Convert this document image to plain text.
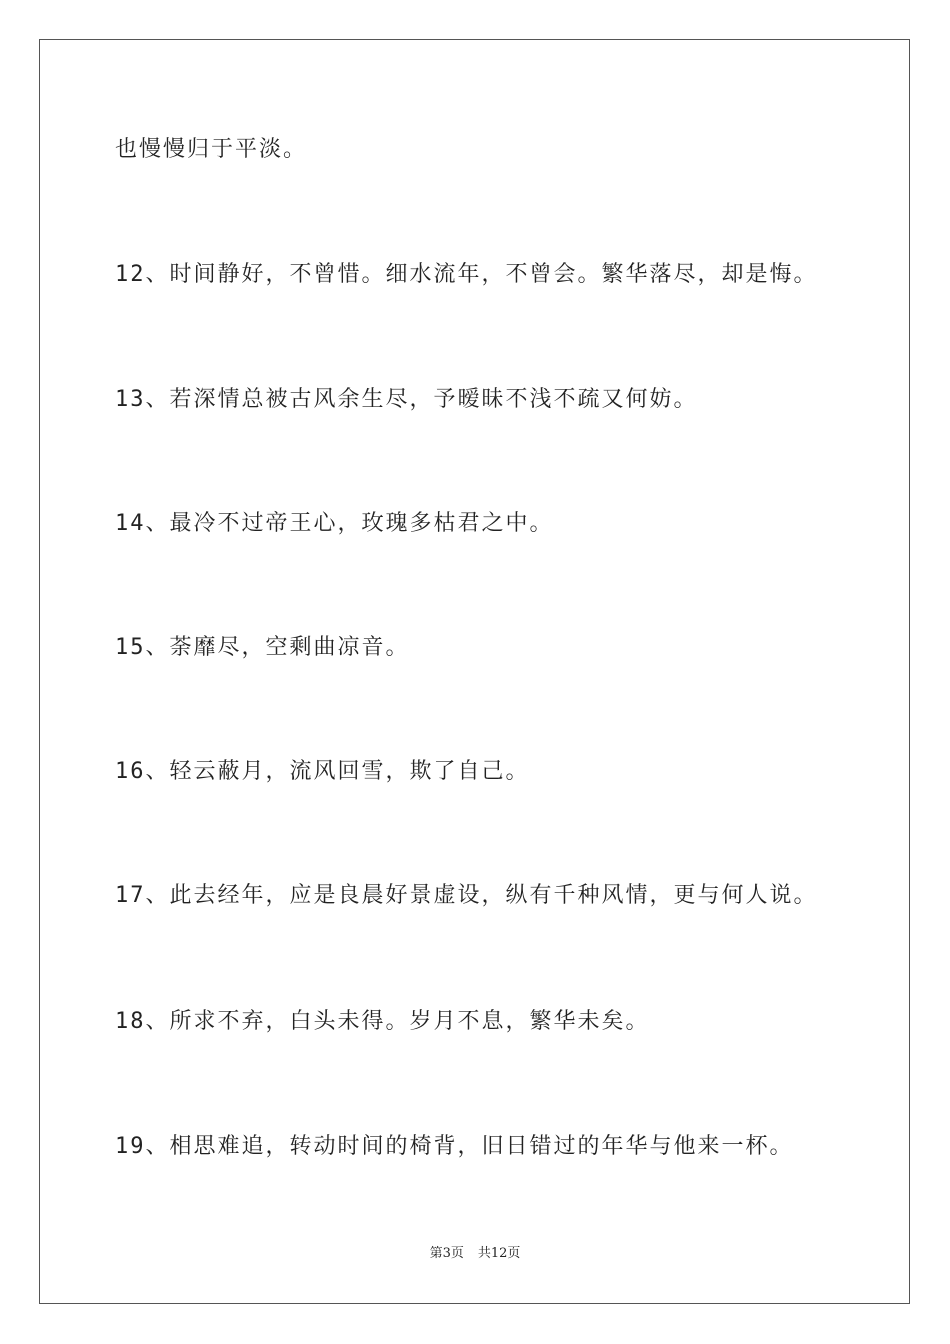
也慢慢归于平淡。
12、时间静好，不曾惜。细水流年，不曾会。繁华落尽，却是悔。
13、若深情总被古风余生尽，予暧昧不浅不疏又何妨。
14、最冷不过帝王心，玫瑰多枯君之中。
15、荼靡尽，空剩曲凉音。
16、轻云蔽月，流风回雪，欺了自己。
17、此去经年，应是良晨好景虚设，纵有千种风情，更与何人说。
18、所求不弃，白头未得。岁月不息，繁华未矣。
19、相思难追，转动时间的椅背，旧日错过的年华与他来一杯。
第3页 共12页
